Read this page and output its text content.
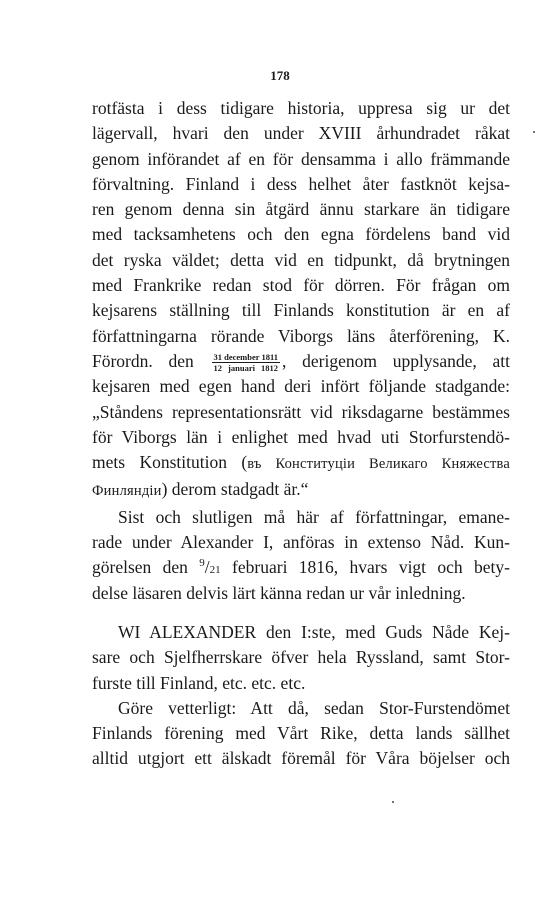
178
rotfästa i dess tidigare historia, uppresa sig ur det
lägervall, hvari den under XVIII århundradet råkat
genom införandet af en för densamma i allo främmande
förvaltning. Finland i dess helhet åter fastknöt kejsa-
ren genom denna sin åtgärd ännu starkare än tidigare
med tacksamhetens och den egna fördelens band vid
det ryska väldet; detta vid en tidpunkt, då brytningen
med Frankrike redan stod för dörren. För frågan om
kejsarens ställning till Finlands konstitution är en af
författningarna rörande Viborgs läns återförening, K.
Förordn. den $\frac{\text{31 december 1811}}{\text{12 januari 1812}}$ , derigenom upplysande, att
kejsaren med egen hand deri infört följande stadgande:
„Ståndens representationsrätt vid riksdagarne bestämmes
för Viborgs län i enlighet med hvad uti Storfurstendö-
mets Konstitution (въ Конституціи Великаго Княжества
Финляндіи) derom stadgadt är.“
Sist och slutligen må här af författningar, emane-
rade under Alexander I, anföras in extenso Nåd. Kun-
görelsen den $^9$/21 februari 1816, hvars vigt och bety-
delse läsaren delvis lärt känna redan ur vår inledning.
WI ALEXANDER den I:ste, med Guds Nåde Kej-
sare och Sjelfherrskare öfver hela Ryssland, samt Stor-
furste till Finland, etc. etc. etc.
Göre vetterligt: Att då, sedan Stor-Furstendömet
Finlands förening med Vårt Rike, detta lands sällhet
alltid utgjort ett älskadt föremål för Våra böjelser och
